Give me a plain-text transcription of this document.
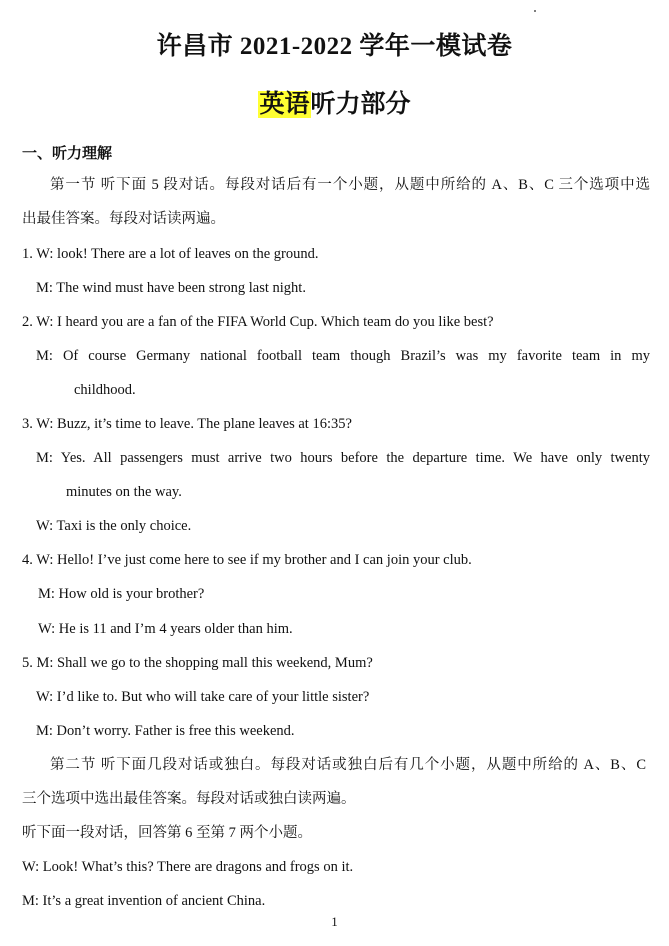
许昌市 2021-2022 学年一模试卷
英语听力部分
一、听力理解
第一节 听下面 5 段对话。每段对话后有一个小题，从题中所给的 A、B、C 三个选项中选
出最佳答案。每段对话读两遍。
1. W: look! There are a lot of leaves on the ground.
M: The wind must have been strong last night.
2. W: I heard you are a fan of the FIFA World Cup. Which team do you like best?
M: Of course Germany national football team though Brazil’s was my favorite team in my
childhood.
3. W: Buzz, it’s time to leave. The plane leaves at 16:35?
M: Yes. All passengers must arrive two hours before the departure time. We have only twenty
minutes on the way.
W: Taxi is the only choice.
4. W: Hello! I’ve just come here to see if my brother and I can join your club.
M: How old is your brother?
W: He is 11 and I’m 4 years older than him.
5. M: Shall we go to the shopping mall this weekend, Mum?
W: I’d like to. But who will take care of your little sister?
M: Don’t worry. Father is free this weekend.
第二节 听下面几段对话或独白。每段对话或独白后有几个小题，从题中所给的 A、B、C
三个选项中选出最佳答案。每段对话或独白读两遍。
听下面一段对话，回答第 6 至第 7 两个小题。
W: Look! What’s this? There are dragons and frogs on it.
M: It’s a great invention of ancient China.
1
